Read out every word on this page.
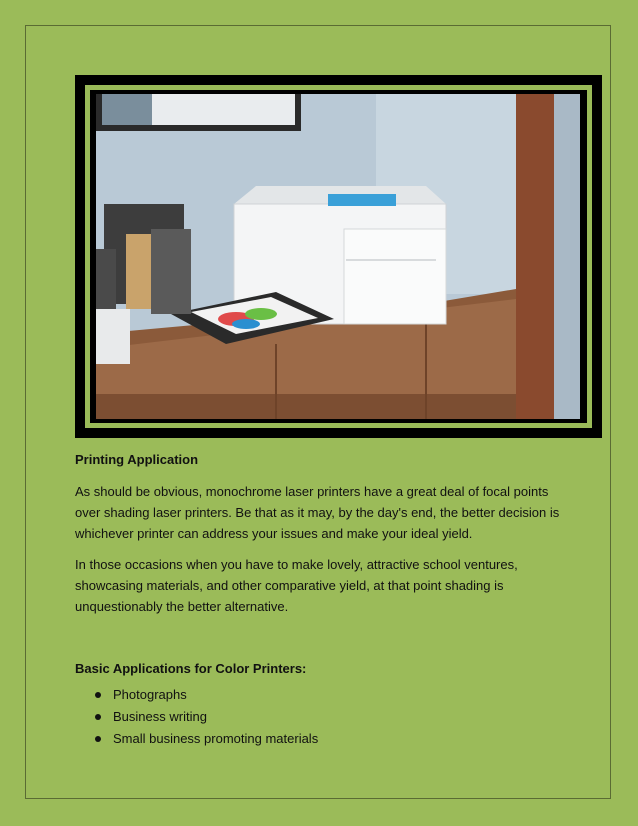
Printing Application

As should be obvious, monochrome laser printers have a great deal of focal points over shading laser printers. Be that as it may, by the day's end, the better decision is whichever printer can address your issues and make your ideal yield.

In those occasions when you have to make lovely, attractive school ventures, showcasing materials, and other comparative yield, at that point shading is unquestionably the better alternative.

Basic Applications for Color Printers:
Photographs
Business writing
Small business promoting materials
